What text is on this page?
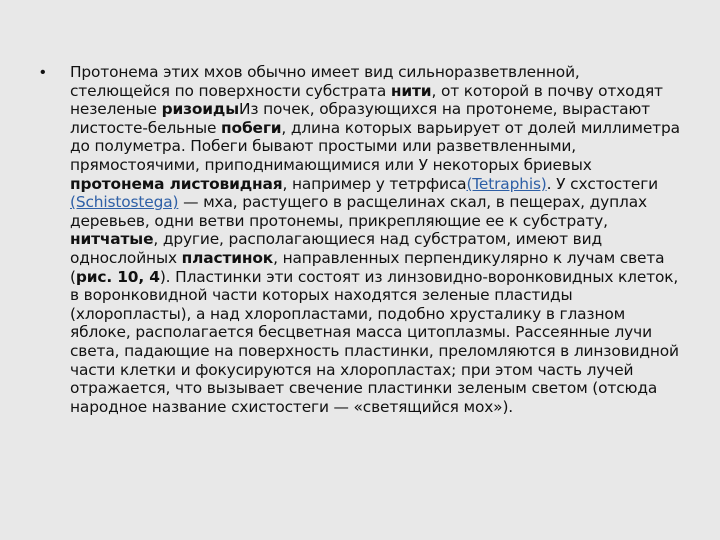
• Протонема этих мхов обычно имеет вид сильноразветвленной, стелющейся по поверхности субстрата нити, от которой в почву отходят незеленые ризоидыИз почек, образующихся на протонеме, вырастают листосте-бельные побеги, длина которых варьирует от долей миллиметра до полуметра. Побеги бывают простыми или разветвленными, прямостоячими, приподнимающимися или У некоторых бриевых протонема листовидная, например у тетрфиса(Tetraphis). У схстостеги (Schistostega) — мха, растущего в расщелинах скал, в пещерах, дуплах деревьев, одни ветви протонемы, прикрепляющие ее к субстрату, нитчатые, другие, располагающиеся над субстратом, имеют вид однослойных пластинок, направленных перпендикулярно к лучам света (рис. 10, 4). Пластинки эти состоят из линзовидно-воронковидных клеток, в воронковидной части которых находятся зеленые пластиды (хлоропласты), а над хлоропластами, подобно хрусталику в глазном яблоке, располагается бесцветная масса цитоплазмы. Рассеянные лучи света, падающие на поверхность пластинки, преломляются в линзовидной части клетки и фокусируются на хлоропластах; при этом часть лучей отражается, что вызывает свечение пластинки зеленым светом (отсюда народное название схистостеги — «светящийся мох»).
